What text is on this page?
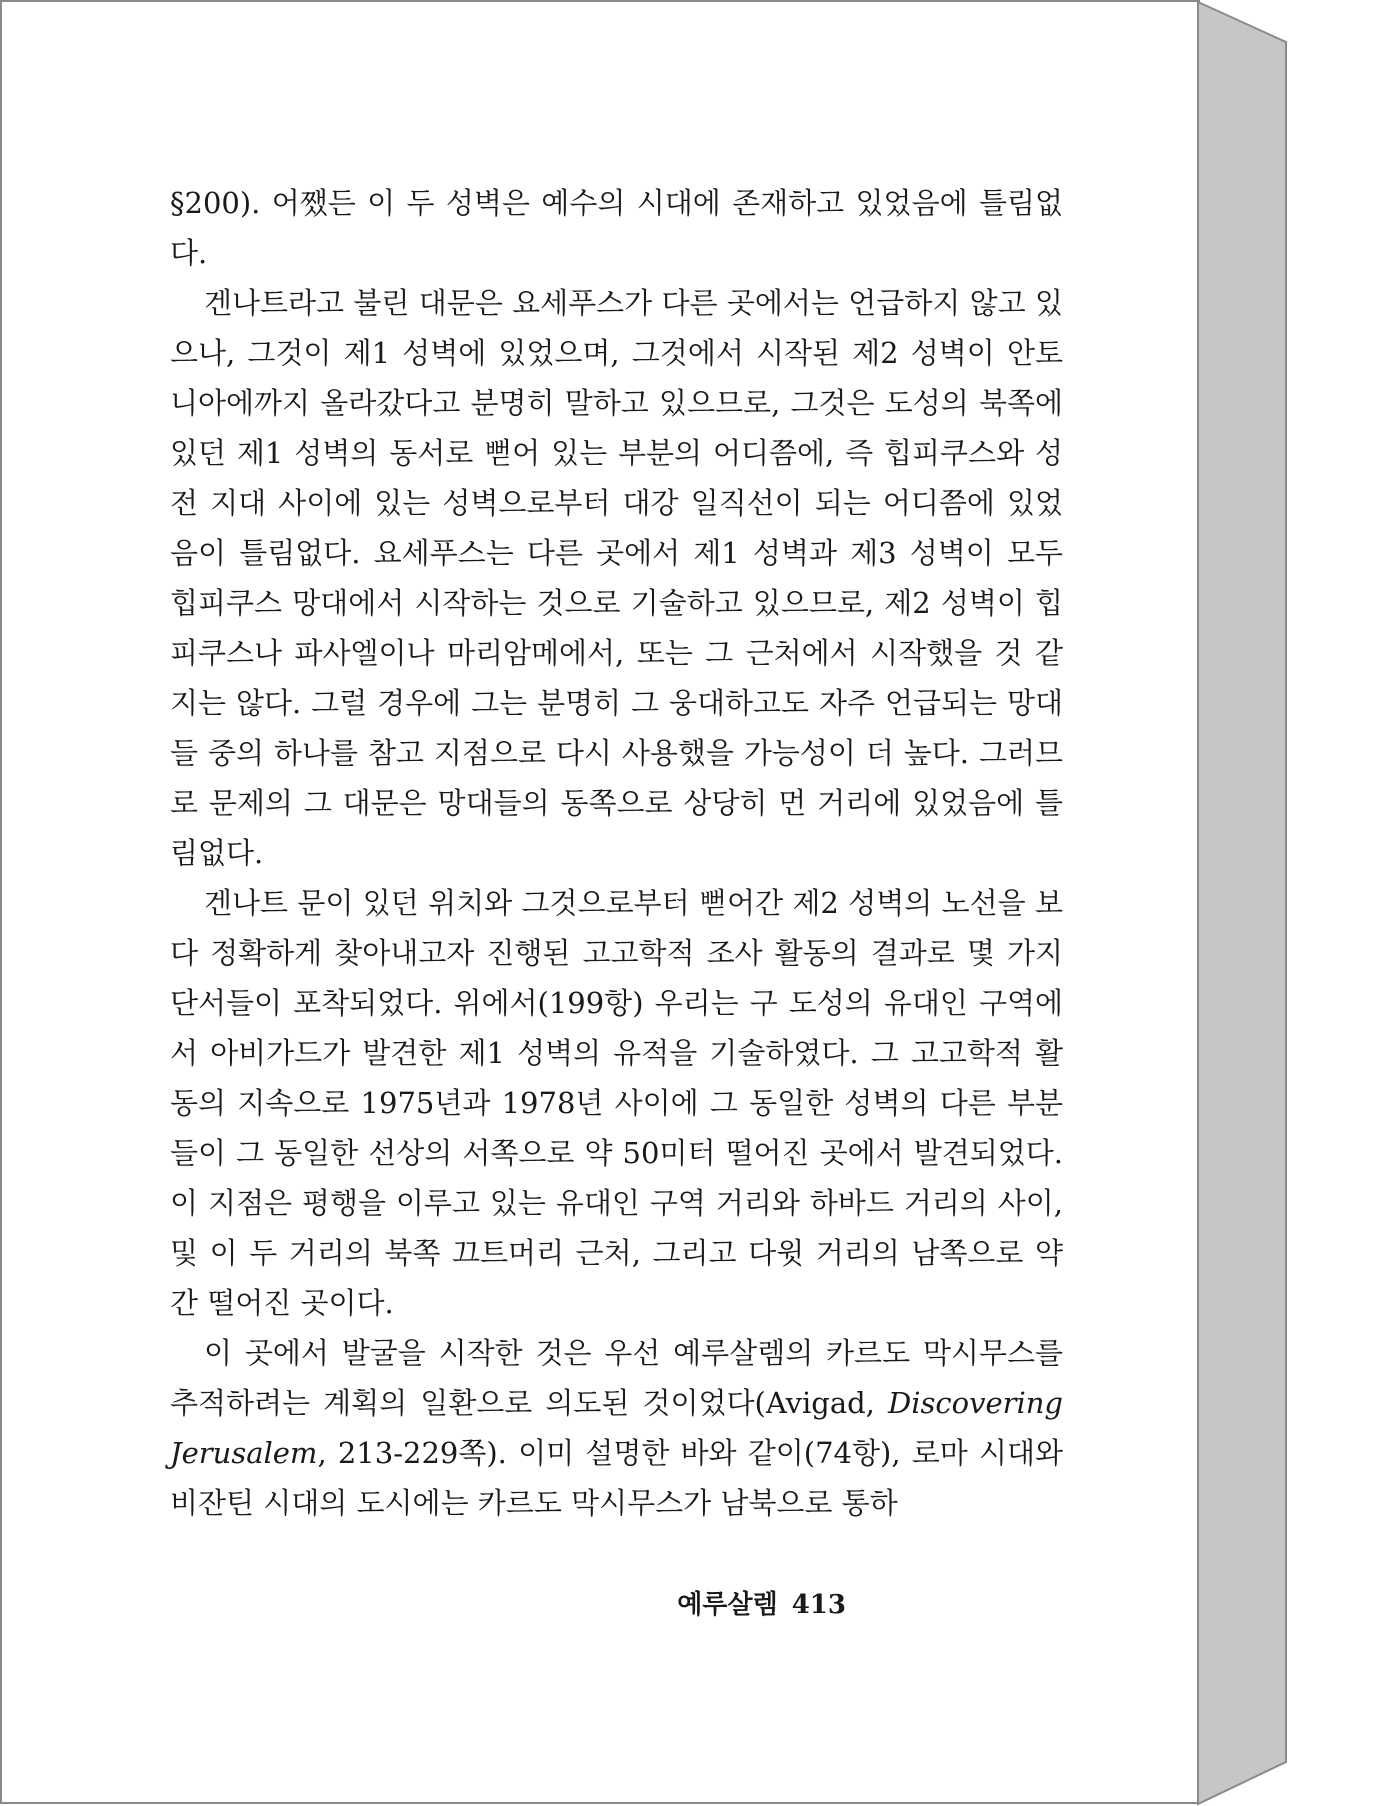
§200). 어쨌든 이 두 성벽은 예수의 시대에 존재하고 있었음에 틀림없다.

겐나트라고 불린 대문은 요세푸스가 다른 곳에서는 언급하지 않고 있으나, 그것이 제1 성벽에 있었으며, 그것에서 시작된 제2 성벽이 안토니아에까지 올라갔다고 분명히 말하고 있으므로, 그것은 도성의 북쪽에 있던 제1 성벽의 동서로 뻗어 있는 부분의 어디쯤에, 즉 힙피쿠스와 성전 지대 사이에 있는 성벽으로부터 대강 일직선이 되는 어디쯤에 있었음이 틀림없다. 요세푸스는 다른 곳에서 제1 성벽과 제3 성벽이 모두 힙피쿠스 망대에서 시작하는 것으로 기술하고 있으므로, 제2 성벽이 힙피쿠스나 파사엘이나 마리암메에서, 또는 그 근처에서 시작했을 것 같지는 않다. 그럴 경우에 그는 분명히 그 웅대하고도 자주 언급되는 망대들 중의 하나를 참고 지점으로 다시 사용했을 가능성이 더 높다. 그러므로 문제의 그 대문은 망대들의 동쪽으로 상당히 먼 거리에 있었음에 틀림없다.

겐나트 문이 있던 위치와 그것으로부터 뻗어간 제2 성벽의 노선을 보다 정확하게 찾아내고자 진행된 고고학적 조사 활동의 결과로 몇 가지 단서들이 포착되었다. 위에서(199항) 우리는 구 도성의 유대인 구역에서 아비가드가 발견한 제1 성벽의 유적을 기술하였다. 그 고고학적 활동의 지속으로 1975년과 1978년 사이에 그 동일한 성벽의 다른 부분들이 그 동일한 선상의 서쪽으로 약 50미터 떨어진 곳에서 발견되었다. 이 지점은 평행을 이루고 있는 유대인 구역 거리와 하바드 거리의 사이, 및 이 두 거리의 북쪽 끄트머리 근처, 그리고 다윗 거리의 남쪽으로 약간 떨어진 곳이다.

이 곳에서 발굴을 시작한 것은 우선 예루살렘의 카르도 막시무스를 추적하려는 계획의 일환으로 의도된 것이었다(Avigad, Discovering Jerusalem, 213-229쪽). 이미 설명한 바와 같이(74항), 로마 시대와 비잔틴 시대의 도시에는 카르도 막시무스가 남북으로 통하

예루살렘 413
